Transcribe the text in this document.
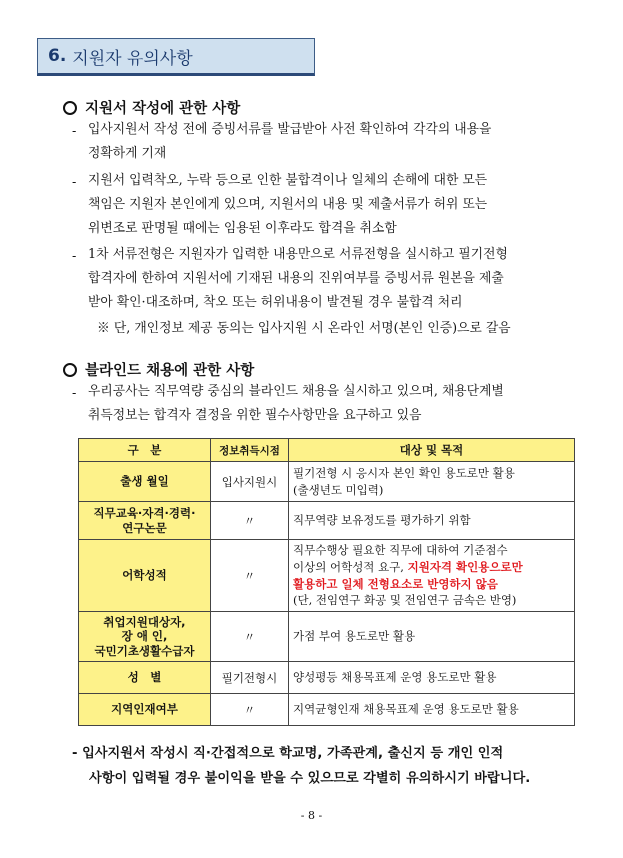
6. 지원자 유의사항
지원서 작성에 관한 사항
- 입사지원서 작성 전에 증빙서류를 발급받아 사전 확인하여 각각의 내용을
정확하게 기재
- 지원서 입력착오, 누락 등으로 인한 불합격이나 일체의 손해에 대한 모든
책임은 지원자 본인에게 있으며, 지원서의 내용 및 제출서류가 허위 또는
위변조로 판명될 때에는 임용된 이후라도 합격을 취소함
- 1차 서류전형은 지원자가 입력한 내용만으로 서류전형을 실시하고 필기전형
합격자에 한하여 지원서에 기재된 내용의 진위여부를 증빙서류 원본을 제출
받아 확인·대조하며, 착오 또는 허위내용이 발견될 경우 불합격 처리
※ 단, 개인정보 제공 동의는 입사지원 시 온라인 서명(본인 인증)으로 갈음
블라인드 채용에 관한 사항
- 우리공사는 직무역량 중심의 블라인드 채용을 실시하고 있으며, 채용단계별
취득정보는 합격자 결정을 위한 필수사항만을 요구하고 있음
구　분	정보취득시점	대상 및 목적
출생 월일	입사지원시	필기전형 시 응시자 본인 확인 용도로만 활용
(출생년도 미입력)
직무교육·자격·경력·
연구논문	〃	직무역량 보유정도를 평가하기 위함
어학성적	〃	직무수행상 필요한 직무에 대하여 기준점수
이상의 어학성적 요구, 지원자격 확인용으로만
활용하고 일체 전형요소로 반영하지 않음
(단, 전임연구 화공 및 전임연구 금속은 반영)
취업지원대상자,
장 애 인,
국민기초생활수급자	〃	가점 부여 용도로만 활용
성　별	필기전형시	양성평등 채용목표제 운영 용도로만 활용
지역인재여부	〃	지역균형인재 채용목표제 운영 용도로만 활용
- 입사지원서 작성시 직·간접적으로 학교명, 가족관계, 출신지 등 개인 인적
사항이 입력될 경우 불이익을 받을 수 있으므로 각별히 유의하시기 바랍니다.
- 8 -
